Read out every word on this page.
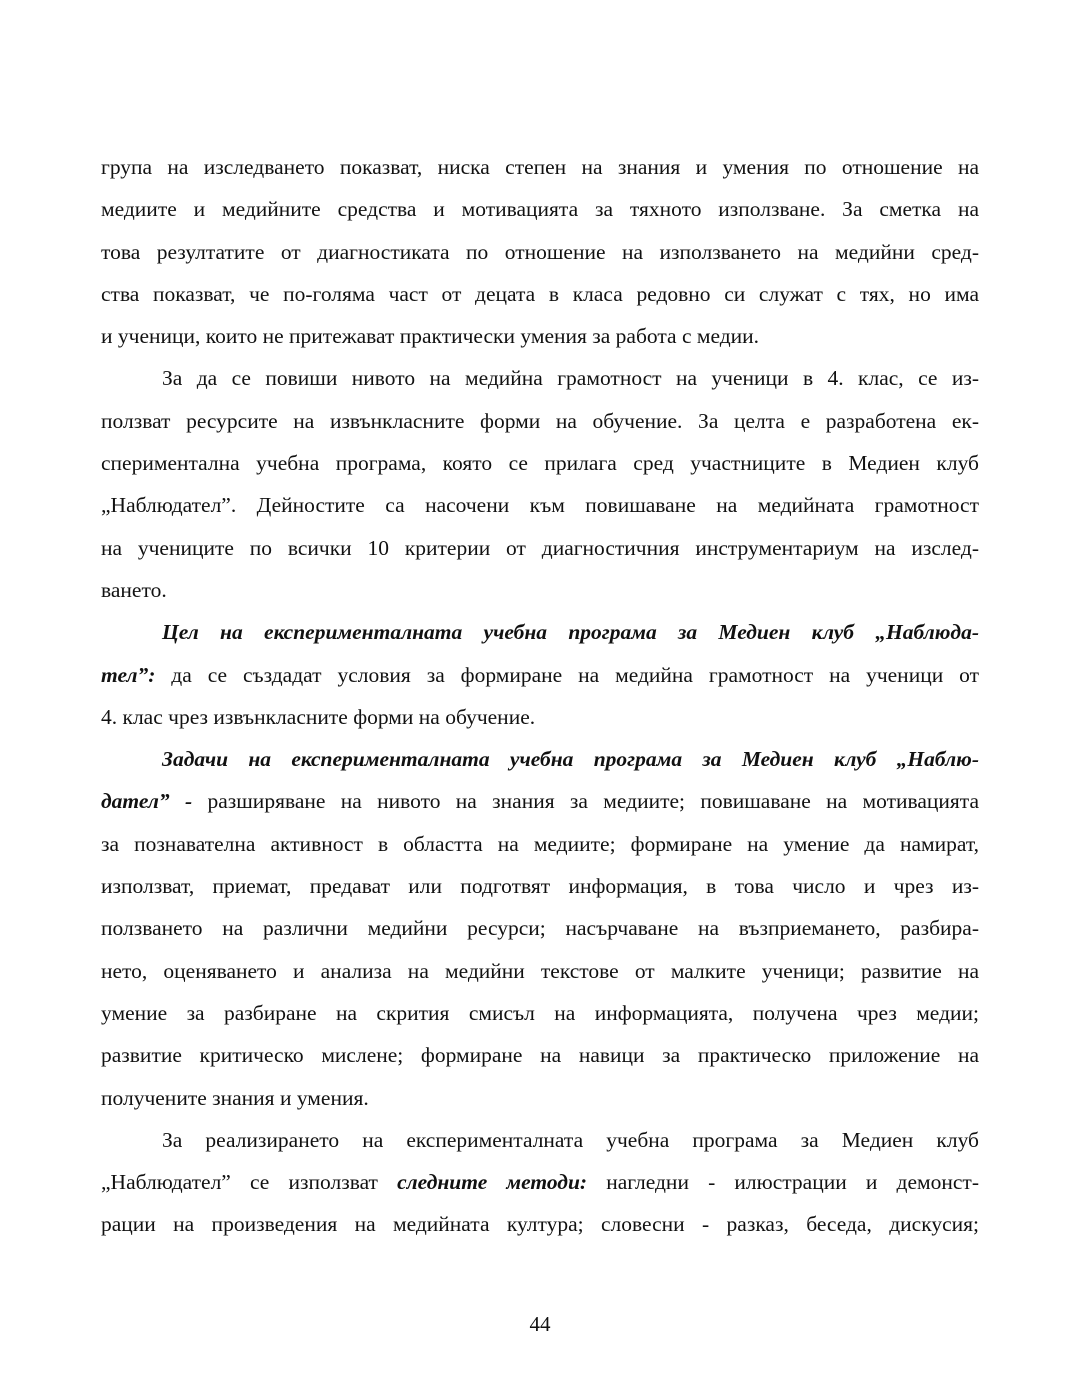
група на изследването показват, ниска степен на знания и умения по отношение на
медиите и медийните средства и мотивацията за тяхното използване. За сметка на
това резултатите от диагностиката по отношение на използването на медийни сред-
ства показват, че по-голяма част от децата в класа редовно си служат с тях, но има
и ученици, които не притежават практически умения за работа с медии.
За да се повиши нивото на медийна грамотност на ученици в 4. клас, се из-
ползват ресурсите на извънкласните форми на обучение. За целта е разработена ек-
спериментална учебна програма, която се прилага сред участниците в Медиен клуб
„Наблюдател”. Дейностите са насочени към повишаване на медийната грамотност
на учениците по всички 10 критерии от диагностичния инструментариум на изслед-
ването.
Цел на експерименталната учебна програма за Медиен клуб „Наблюда-
тел”: да се създадат условия за формиране на медийна грамотност на ученици от
4. клас чрез извънкласните форми на обучение.
Задачи на експерименталната учебна програма за Медиен клуб „Наблю-
дател” - разширяване на нивото на знания за медиите; повишаване на мотивацията
за познавателна активност в областта на медиите; формиране на умение да намират,
използват, приемат, предават или подготвят информация, в това число и чрез из-
ползването на различни медийни ресурси; насърчаване на възприемането, разбира-
нето, оценяването и анализа на медийни текстове от малките ученици; развитие на
умение за разбиране на скрития смисъл на информацията, получена чрез медии;
развитие критическо мислене; формиране на навици за практическо приложение на
получените знания и умения.
За реализирането на експерименталната учебна програма за Медиен клуб
„Наблюдател” се използват следните методи: нагледни - илюстрации и демонст-
рации на произведения на медийната култура; словесни - разказ, беседа, дискусия;
44
